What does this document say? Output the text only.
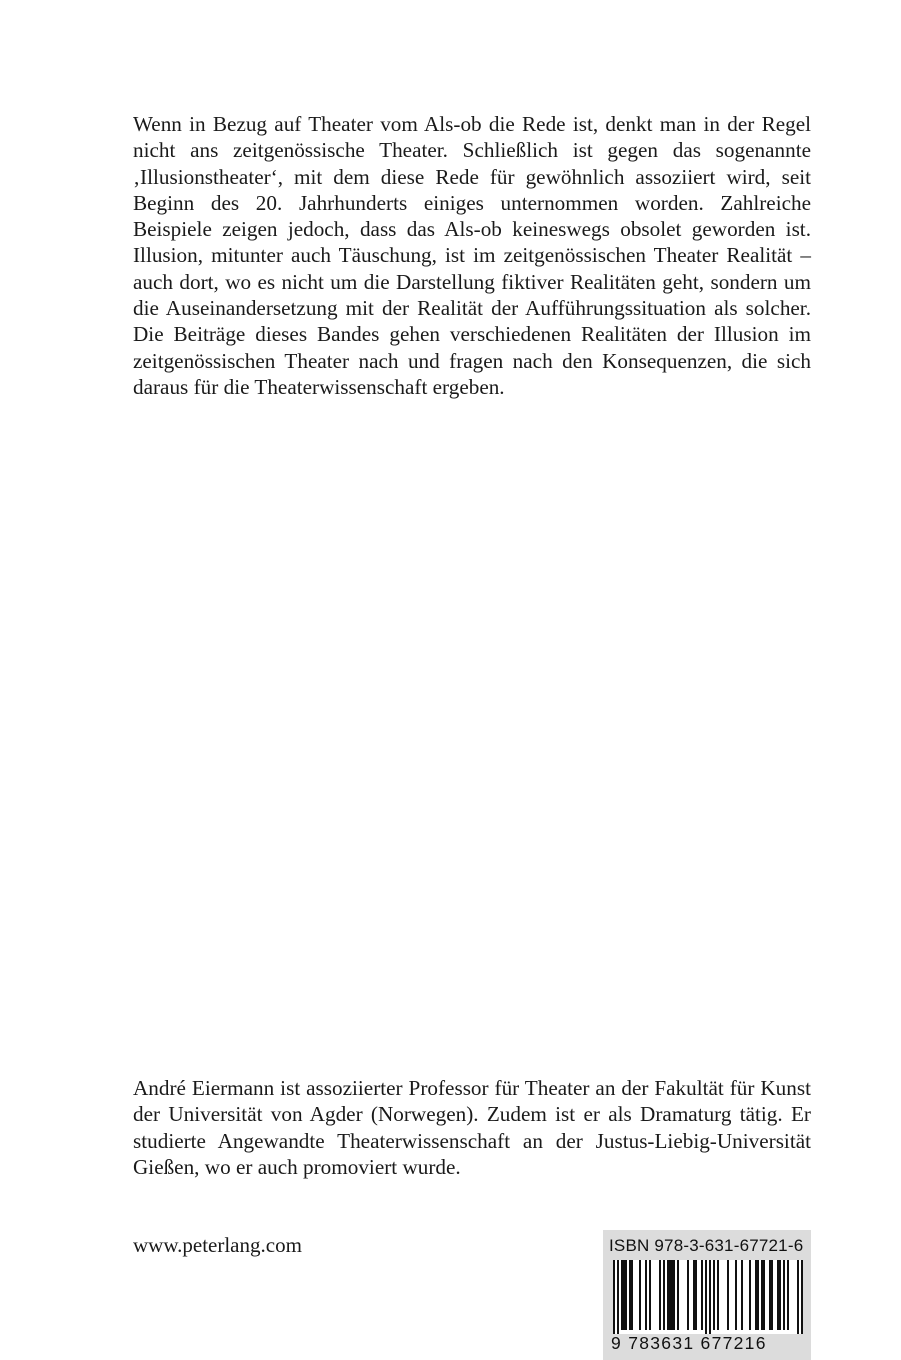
Wenn in Bezug auf Theater vom Als-ob die Rede ist, denkt man in der Regel nicht ans zeitgenössische Theater. Schließlich ist gegen das sogenannte ‚Illusionstheater‘, mit dem diese Rede für gewöhnlich assoziiert wird, seit Beginn des 20. Jahrhunderts einiges unternommen worden. Zahlreiche Beispiele zeigen jedoch, dass das Als-ob keineswegs obsolet geworden ist. Illusion, mitunter auch Täuschung, ist im zeitgenössischen Theater Realität – auch dort, wo es nicht um die Darstellung fiktiver Realitäten geht, sondern um die Auseinandersetzung mit der Realität der Aufführungssituation als solcher. Die Beiträge dieses Bandes gehen verschiedenen Realitäten der Illusion im zeitgenössischen Theater nach und fragen nach den Konsequenzen, die sich daraus für die Theaterwissenschaft ergeben.

André Eiermann ist assoziierter Professor für Theater an der Fakultät für Kunst der Universität von Agder (Norwegen). Zudem ist er als Dramaturg tätig. Er studierte Angewandte Theaterwissenschaft an der Justus-Liebig-Universität Gießen, wo er auch promoviert wurde.

www.peterlang.com	ISBN 978-3-631-67721-6

9 783631 677216
